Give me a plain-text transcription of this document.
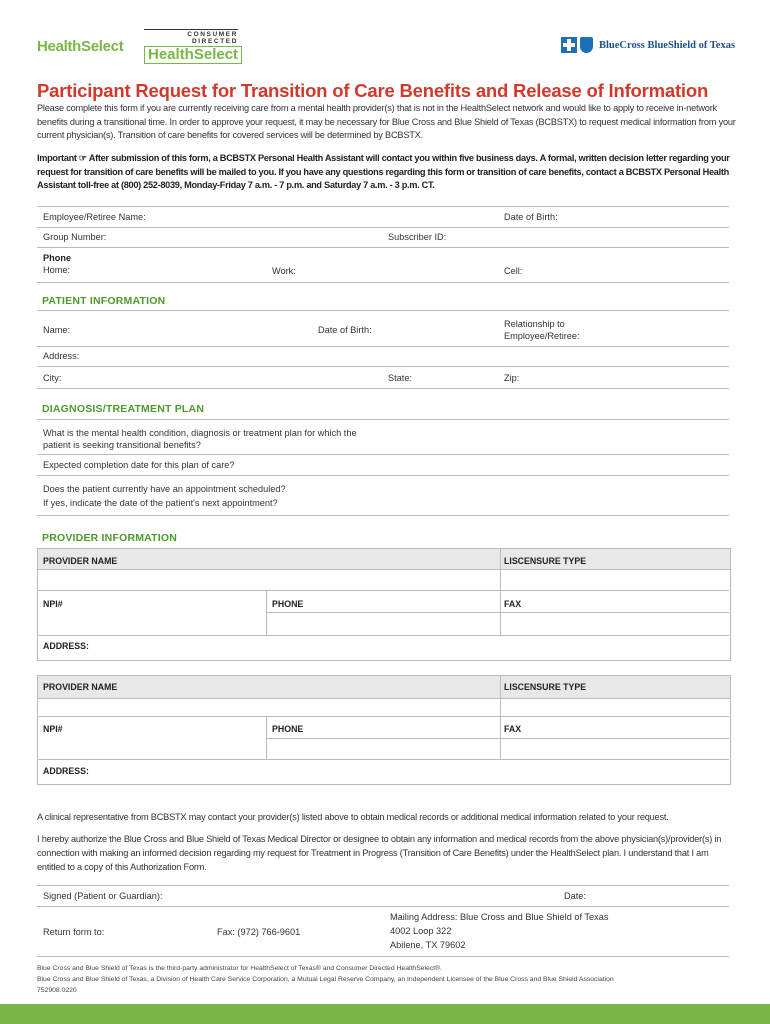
HealthSelect
CONSUMER DIRECTED
HealthSelect
BlueCross BlueShield of Texas
Participant Request for Transition of Care Benefits and Release of Information
Please complete this form if you are currently receiving care from a mental health provider(s) that is not in the HealthSelect network and would like to apply to receive in-network benefits during a transitional time. In order to approve your request, it may be necessary for Blue Cross and Blue Shield of Texas (BCBSTX) to request medical information from your current physician(s). Transition of care benefits for covered services will be determined by BCBSTX.
Important ☞ After submission of this form, a BCBSTX Personal Health Assistant will contact you within five business days. A formal, written decision letter regarding your request for transition of care benefits will be mailed to you. If you have any questions regarding this form or transition of care benefits, contact a BCBSTX Personal Health Assistant toll-free at (800) 252-8039, Monday-Friday 7 a.m. - 7 p.m. and Saturday 7 a.m. - 3 p.m. CT.
Employee/Retiree Name:	Date of Birth:
Group Number:	Subscriber ID:
Phone
Home:	Work:	Cell:
PATIENT INFORMATION
Name:	Date of Birth:
Relationship to Employee/Retiree:
Address:
City:	State:	Zip:
DIAGNOSIS/TREATMENT PLAN
What is the mental health condition, diagnosis or treatment plan for which the patient is seeking transitional benefits?
Expected completion date for this plan of care?
Does the patient currently have an appointment scheduled?
If yes, indicate the date of the patient's next appointment?
PROVIDER INFORMATION
PROVIDER NAME	LISCENSURE TYPE
NPI#	PHONE	FAX
ADDRESS:
PROVIDER NAME	LISCENSURE TYPE
NPI#	PHONE	FAX
ADDRESS:
A clinical representative from BCBSTX may contact your provider(s) listed above to obtain medical records or additional medical information related to your request.
I hereby authorize the Blue Cross and Blue Shield of Texas Medical Director or designee to obtain any information and medical records from the above physician(s)/provider(s) in connection with making an informed decision regarding my request for Treatment in Progress (Transition of Care Benefits) under the HealthSelect plan. I understand that I am entitled to a copy of this Authorization Form.
Signed (Patient or Guardian):	Date:
Return form to:	Fax: (972) 766-9601
Mailing Address: Blue Cross and Blue Shield of Texas
4002 Loop 322
Abilene, TX 79602
Blue Cross and Blue Shield of Texas is the third-party administrator for HealthSelect of Texas® and Consumer Directed HealthSelect®.
Blue Cross and Blue Shield of Texas, a Division of Health Care Service Corporation, a Mutual Legal Reserve Company, an Independent Licensee of the Blue Cross and Blue Shield Association
752908.0220
